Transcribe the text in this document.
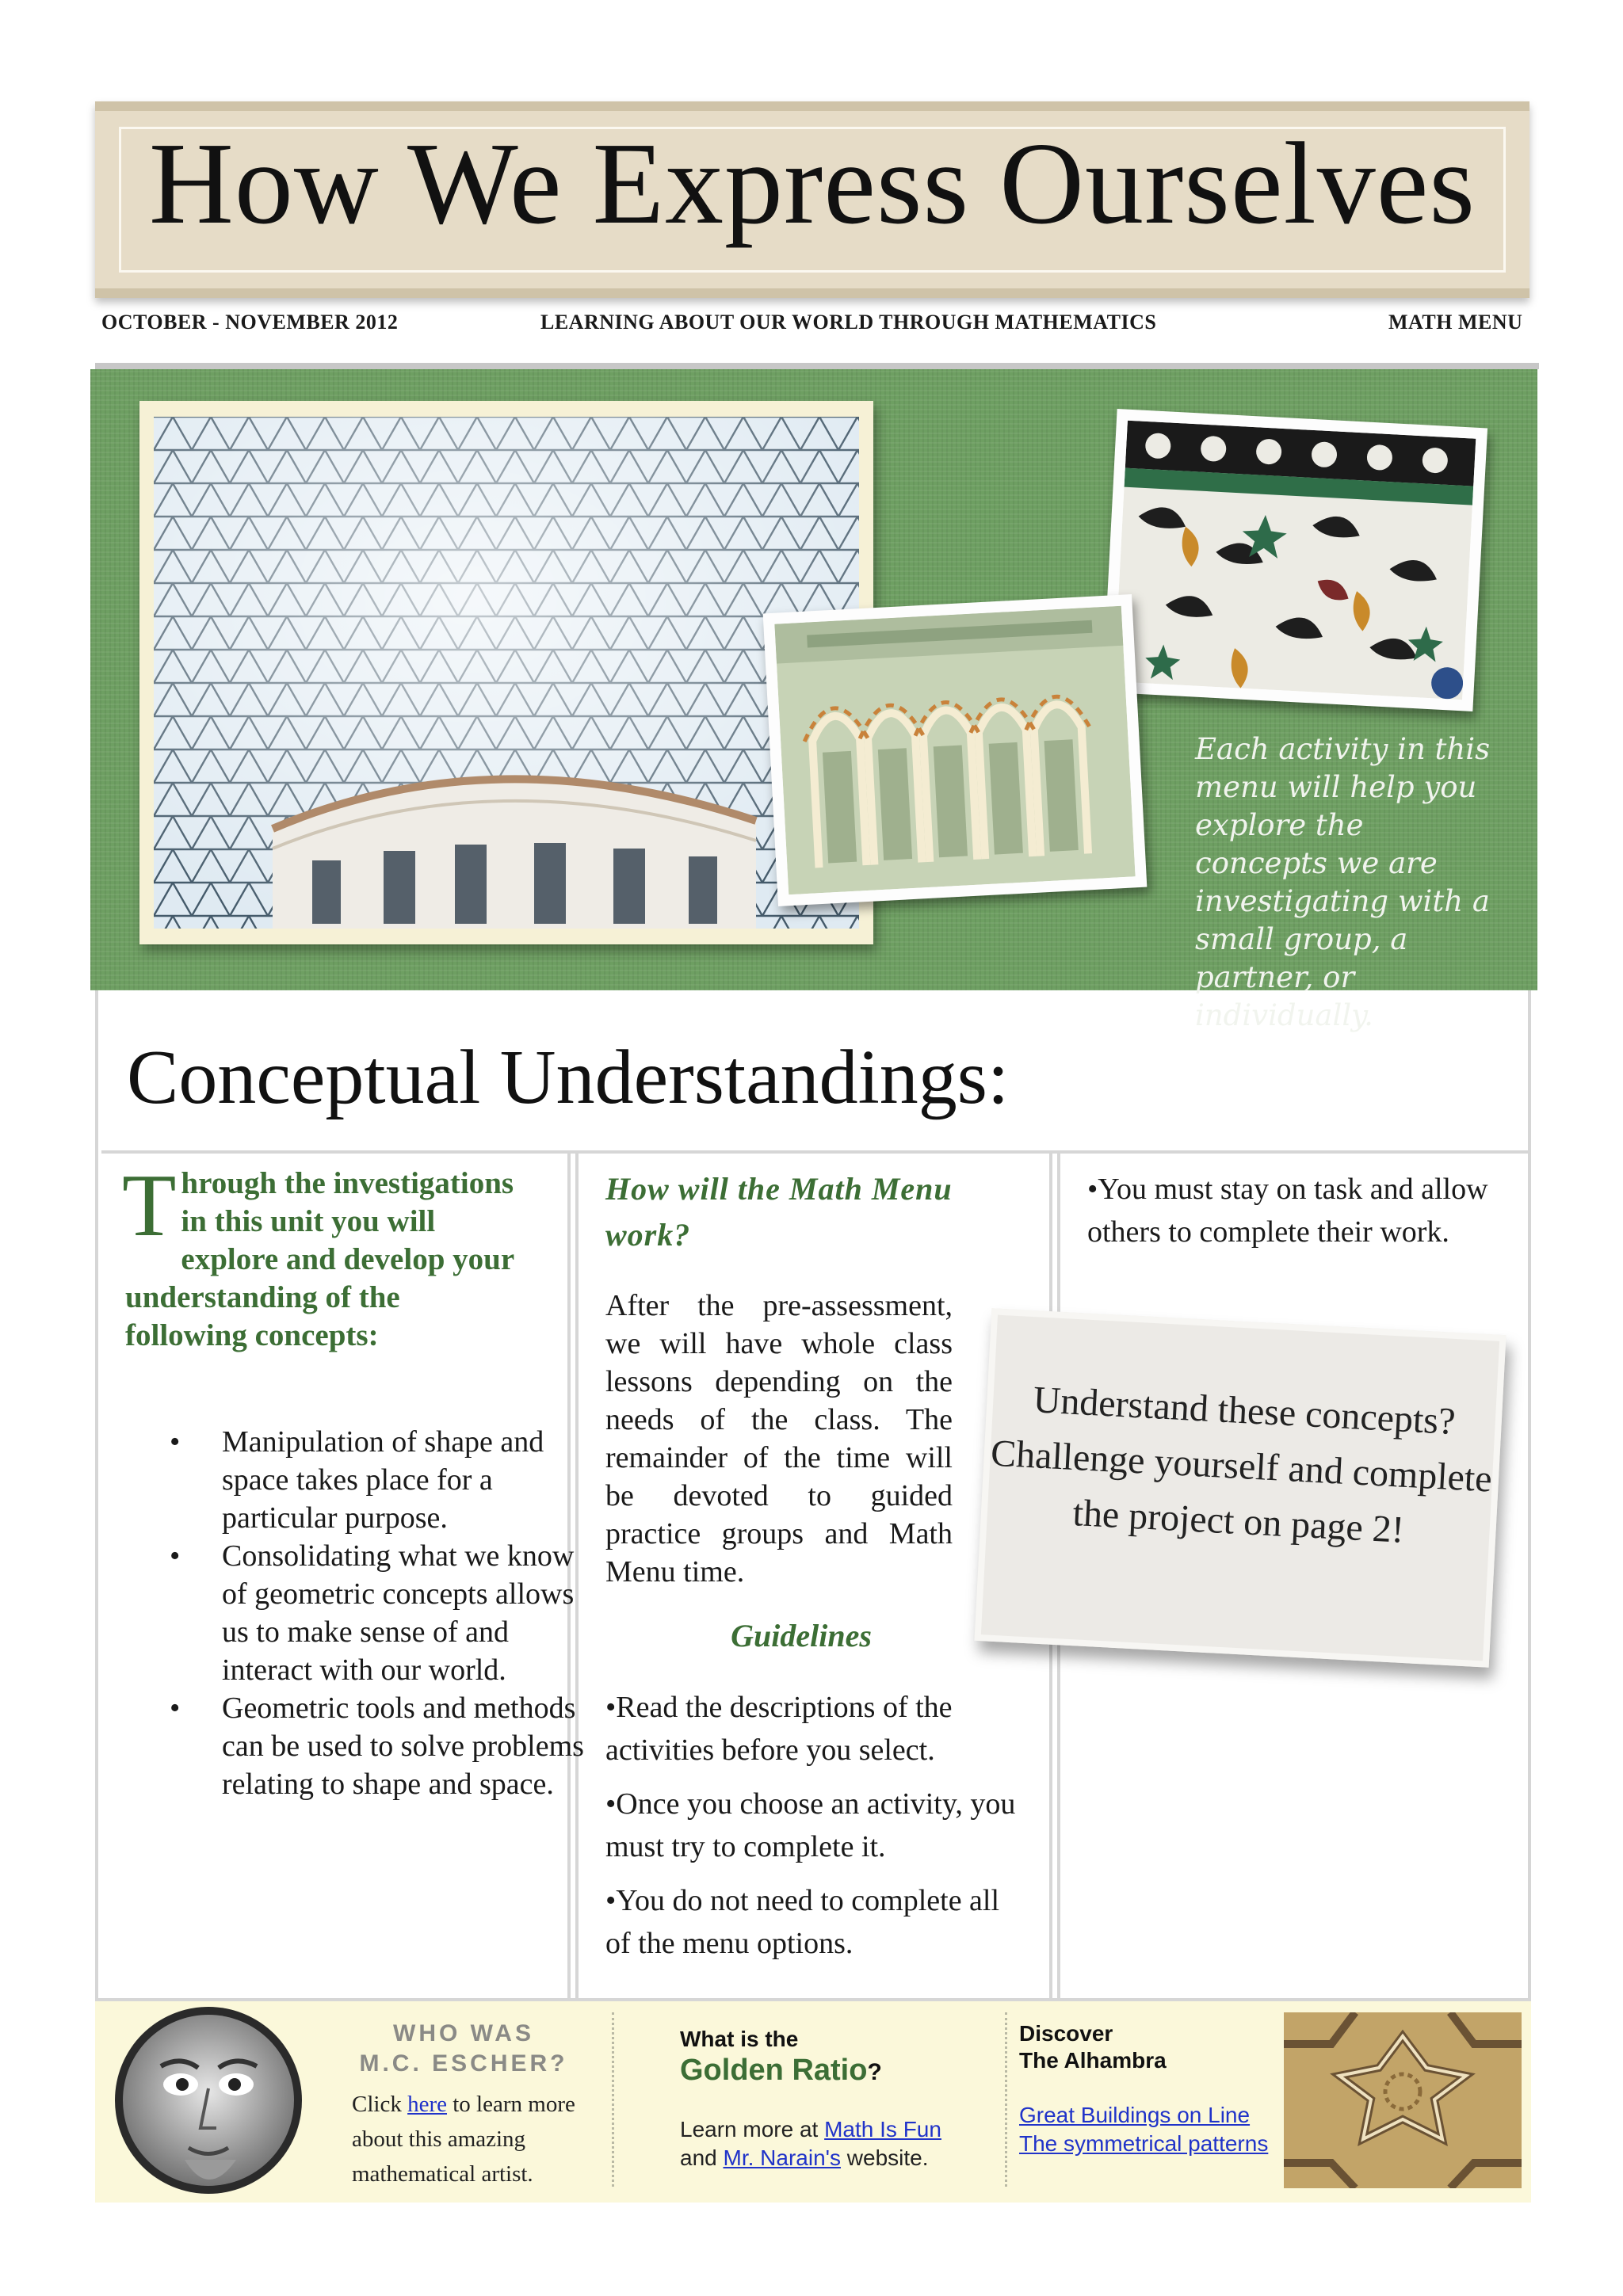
How We Express Ourselves
OCTOBER - NOVEMBER 2012	LEARNING ABOUT OUR WORLD THROUGH MATHEMATICS	MATH MENU
Each activity in this menu will help you explore the concepts we are investigating with a small group, a partner, or individually.
Conceptual Understandings:
Through the investigations in this unit you will explore and develop your understanding of the following concepts:
• Manipulation of shape and space takes place for a particular purpose.
• Consolidating what we know of geometric concepts allows us to make sense of and interact with our world.
• Geometric tools and methods can be used to solve problems relating to shape and space.
How will the Math Menu work?
After the pre-assessment, we will have whole class lessons depending on the needs of the class. The remainder of the time will be devoted to guided practice groups and Math Menu time.
Guidelines
•Read the descriptions of the activities before you select.
•Once you choose an activity, you must try to complete it.
•You do not need to complete all of the menu options.
•You must stay on task and allow others to complete their work.
Understand these concepts? Challenge yourself and complete the project on page 2!
WHO WAS
M.C. ESCHER?
Click here to learn more about this amazing mathematical artist.
What is the
Golden Ratio?
Learn more at Math Is Fun
and Mr. Narain's website.
Discover
The Alhambra
Great Buildings on Line
The symmetrical patterns
